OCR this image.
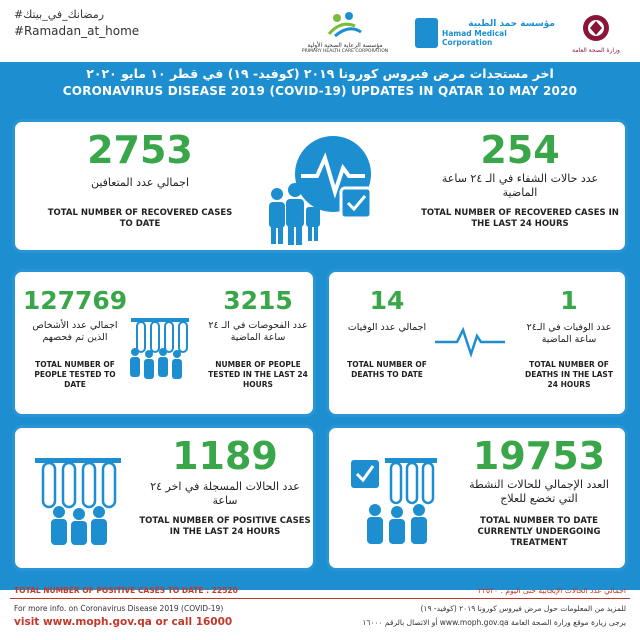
#رمضانك_في_بيتك
#Ramadan_at_home
مؤسسة الرعاية الصحية الأولية
PRIMARY HEALTH CARE CORPORATION
مؤسسة حمد الطبية
Hamad Medical Corporation
وزارة الصحة العامة
اخر مستجدات مرض فيروس كورونا ٢٠١٩ (كوفيد- ١٩) في قطر ١٠ مايو ٢٠٢٠
CORONAVIRUS DISEASE 2019 (COVID-19) UPDATES IN QATAR 10 MAY 2020
2753
اجمالي عدد المتعافين
TOTAL NUMBER OF RECOVERED CASES TO DATE
254
عدد حالات الشفاء في الـ ٢٤ ساعة الماضية
TOTAL NUMBER OF RECOVERED CASES IN THE LAST 24 HOURS
127769
اجمالي عدد الأشخاص الذين تم فحصهم
TOTAL NUMBER OF PEOPLE TESTED TO DATE
3215
عدد الفحوصات في الـ ٢٤ ساعة الماضية
NUMBER OF PEOPLE TESTED IN THE LAST 24 HOURS
14
اجمالي عدد الوفيات
TOTAL NUMBER OF DEATHS TO DATE
1
عدد الوفيات في الـ٢٤ ساعة الماضية
TOTAL NUMBER OF DEATHS IN THE LAST 24 HOURS
1189
عدد الحالات المسجلة في اخر ٢٤ ساعة
TOTAL NUMBER OF POSITIVE CASES IN THE LAST 24 HOURS
19753
العدد الإجمالي للحالات النشطة التي تخضع للعلاج
TOTAL NUMBER TO DATE CURRENTLY UNDERGOING TREATMENT
TOTAL NUMBER OF POSITIVE CASES TO DATE : 22520	اجمالي عدد الحالات الإيجابية حتى اليوم : ٢٢٥٢٠
For more info. on Coronavirus Disease 2019 (COVID-19)
visit www.moph.gov.qa or call 16000
للمزيد من المعلومات حول مرض فيروس كورونا ٢٠١٩ (كوفيد- ١٩)
يرجى زيارة موقع وزارة الصحة العامة www.moph.gov.qa أو الاتصال بالرقم ١٦٠٠٠
